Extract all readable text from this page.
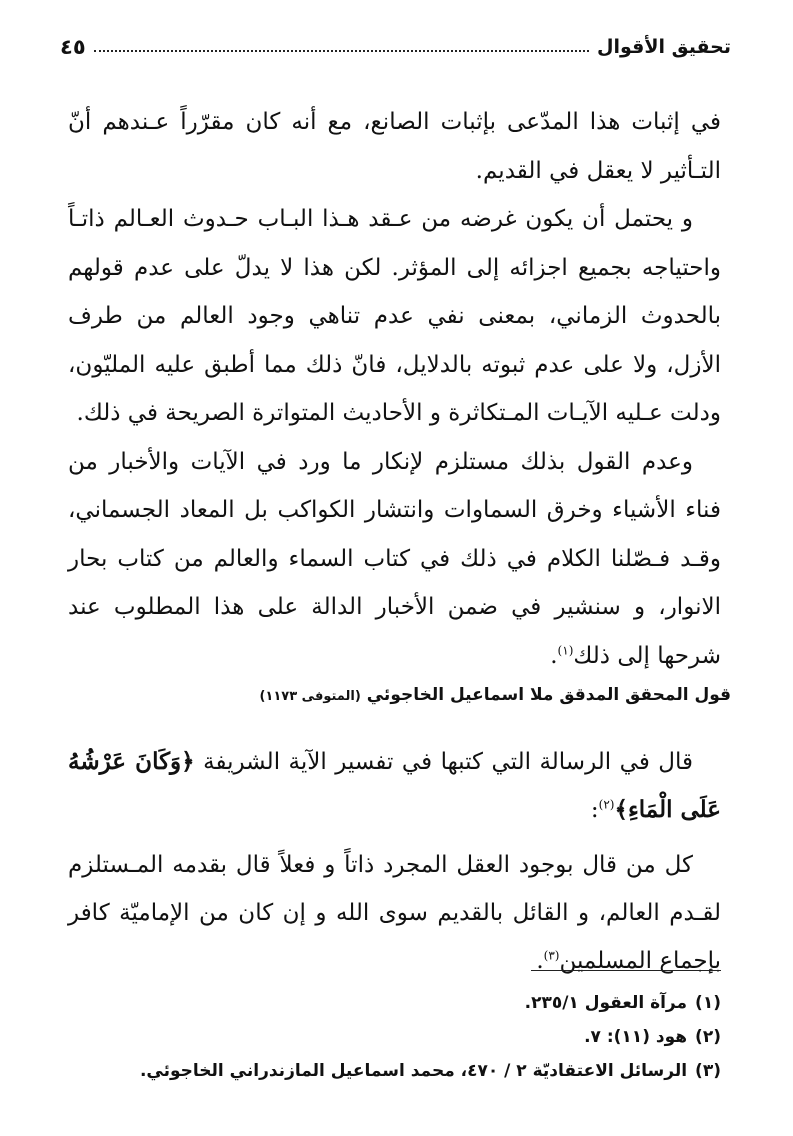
تحقيق الأقوال
٤٥

في إثبات هذا المدّعى بإثبات الصانع، مع أنه كان مقرّراً عـندهم أنّ التـأثير لا يعقل في القديم.

و يحتمل أن يكون غرضه من عـقد هـذا البـاب حـدوث العـالم ذاتـاً واحتياجه بجميع اجزائه إلى المؤثر. لكن هذا لا يدلّ على عدم قولهم بالحدوث الزماني، بمعنى نفي عدم تناهي وجود العالم من طرف الأزل، ولا على عدم ثبوته بالدلايل، فانّ ذلك مما أطبق عليه المليّون، ودلت عـليه الآيـات المـتكاثرة و الأحاديث المتواترة الصريحة في ذلك.

وعدم القول بذلك مستلزم لإنكار ما ورد في الآيات والأخبار من فناء الأشياء وخرق السماوات وانتشار الكواكب بل المعاد الجسماني، وقـد فـصّلنا الكلام في ذلك في كتاب السماء والعالم من كتاب بحار الانوار، و سنشير في ضمن الأخبار الدالة على هذا المطلوب عند شرحها إلى ذلك$^{(١)}$.

قول المحقق المدقق ملا اسماعيل الخاجوئي (المتوفى ١١٧٣)

قال في الرسالة التي كتبها في تفسير الآية الشريفة ﴿وَكَانَ عَرْشُهُ عَلَى الْمَاءِ﴾$^{(٢)}$:

كل من قال بوجود العقل المجرد ذاتاً و فعلاً قال بقدمه المـستلزم لقـدم العالم، و القائل بالقديم سوى الله و إن كان من الإماميّة كافر بإجماع المسلمين$^{(٣)}$.

(١)مرآة العقول ٢٣٥/١.
(٢)هود (١١): ٧.
(٣)الرسائل الاعتقاديّة ٢ / ٤٧٠، محمد اسماعيل المازندراني الخاجوئي.
